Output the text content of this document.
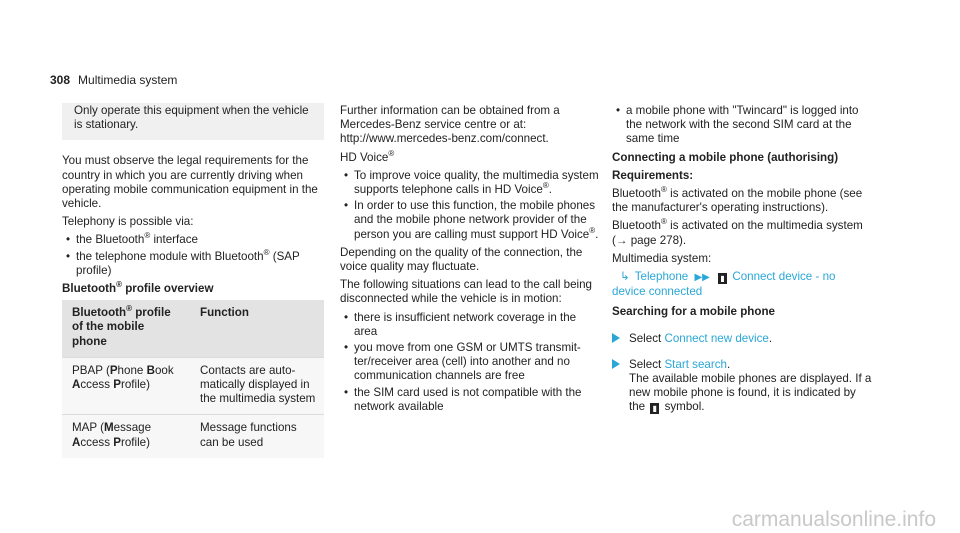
308 Multimedia system

Only operate this equipment when the vehicle is stationary.

You must observe the legal requirements for the country in which you are currently driving when operating mobile communication equipment in the vehicle.

Telephony is possible via:

• the Bluetooth® interface
• the telephone module with Bluetooth® (SAP profile)

Bluetooth® profile overview

Bluetooth® profile of the mobile phone	Function
PBAP (Phone Book
Access Profile)	Contacts are automatically displayed in the multimedia system
MAP (Message
Access Profile)	Message functions can be used

Further information can be obtained from a Mercedes-Benz service centre or at: http://www.mercedes-benz.com/connect.

HD Voice®

• To improve voice quality, the multimedia system supports telephone calls in HD Voice®.
• In order to use this function, the mobile phones and the mobile phone network provider of the person you are calling must support HD Voice®.

Depending on the quality of the connection, the voice quality may fluctuate.

The following situations can lead to the call being disconnected while the vehicle is in motion:

• there is insufficient network coverage in the area
• you move from one GSM or UMTS transmitter/receiver area (cell) into another and no communication channels are free
• the SIM card used is not compatible with the network available
• a mobile phone with "Twincard" is logged into the network with the second SIM card at the same time

Connecting a mobile phone (authorising)

Requirements:

Bluetooth® is activated on the mobile phone (see the manufacturer's operating instructions).

Bluetooth® is activated on the multimedia system (→ page 278).

Multimedia system:

↳ Telephone ▶▶ ▮ Connect device - no device connected

Searching for a mobile phone

Select Connect new device.
Select Start search.
The available mobile phones are displayed. If a new mobile phone is found, it is indicated by the ▮ symbol.
carmanualsonline.info
